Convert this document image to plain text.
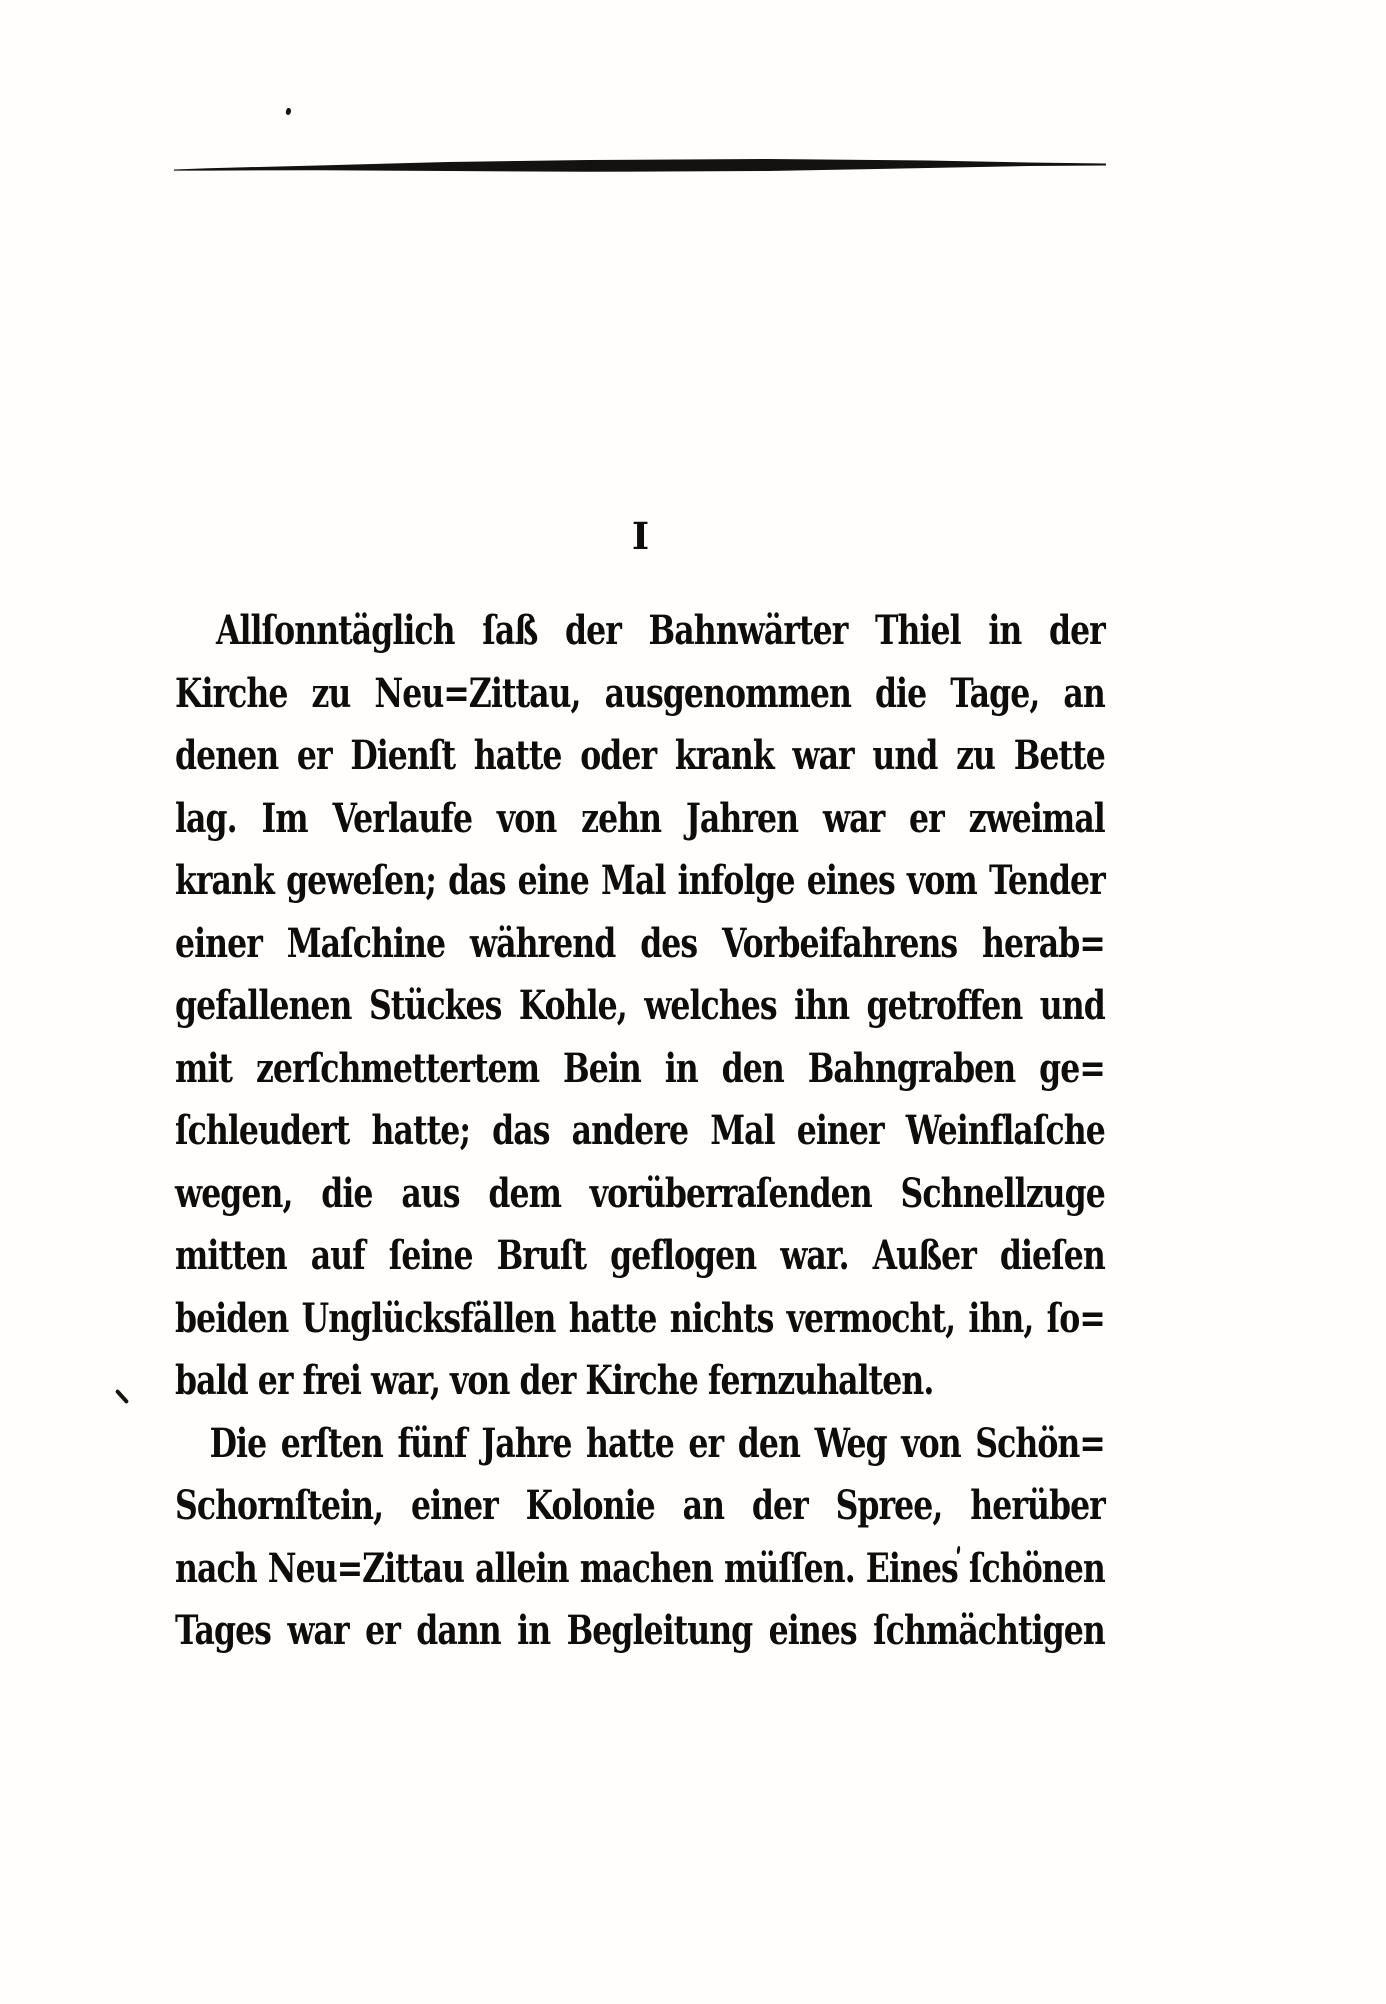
I
Allſonntäglich ſaß der Bahnwärter Thiel in der
Kirche zu Neu=Zittau, ausgenommen die Tage, an
denen er Dienſt hatte oder krank war und zu Bette
lag. Im Verlaufe von zehn Jahren war er zweimal
krank geweſen; das eine Mal infolge eines vom Tender
einer Maſchine während des Vorbeifahrens herab=
gefallenen Stückes Kohle, welches ihn getroffen und
mit zerſchmettertem Bein in den Bahngraben ge=
ſchleudert hatte; das andere Mal einer Weinflaſche
wegen, die aus dem vorüberraſenden Schnellzuge
mitten auf ſeine Bruſt geflogen war. Außer dieſen
beiden Unglücksfällen hatte nichts vermocht, ihn, ſo=
bald er frei war, von der Kirche fernzuhalten.
Die erſten fünf Jahre hatte er den Weg von Schön=
Schornſtein, einer Kolonie an der Spree, herüber
nach Neu=Zittau allein machen müſſen. Eines ſchönen
Tages war er dann in Begleitung eines ſchmächtigen
